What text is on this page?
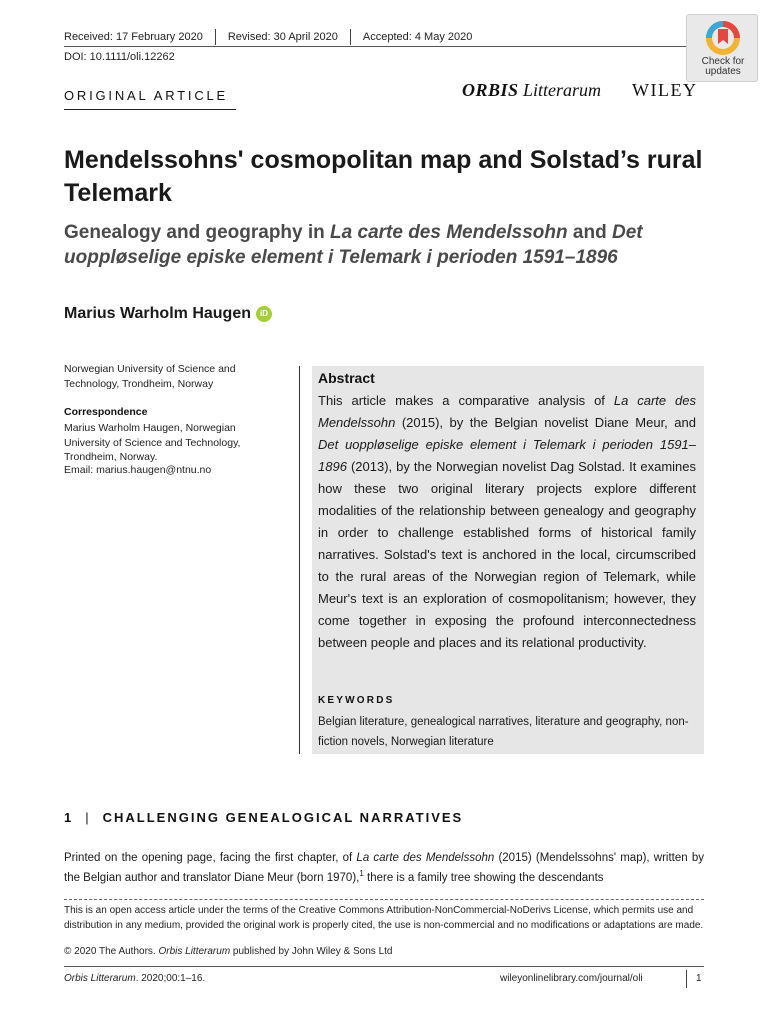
Received: 17 February 2020 Revised: 30 April 2020 Accepted: 4 May 2020
DOI: 10.1111/oli.12262	Check for
updates
ORIGINAL ARTICLE	ORBIS Litterarum WILEY
Mendelssohns' cosmopolitan map and Solstad’s rural Telemark
Genealogy and geography in La carte des Mendelssohn and Det uoppløselige episke element i Telemark i perioden 1591–1896
Marius Warholm Haugen	iD
Norwegian University of Science and Technology, Trondheim, Norway
Correspondence
Marius Warholm Haugen, Norwegian University of Science and Technology, Trondheim, Norway.
Email: marius.haugen@ntnu.no
Abstract
This article makes a comparative analysis of La carte des Mendelssohn (2015), by the Belgian novelist Diane Meur, and Det uoppløselige episke element i Telemark i perioden 1591–1896 (2013), by the Norwegian novelist Dag Solstad. It examines how these two original literary projects explore different modalities of the relationship between genealogy and geography in order to challenge established forms of historical family narratives. Solstad's text is anchored in the local, circumscribed to the rural areas of the Norwegian region of Telemark, while Meur's text is an exploration of cosmopolitanism; however, they come together in exposing the profound interconnectedness between people and places and its relational productivity.
KEYWORDS
Belgian literature, genealogical narratives, literature and geography, non-fiction novels, Norwegian literature
1 | CHALLENGING GENEALOGICAL NARRATIVES
Printed on the opening page, facing the first chapter, of La carte des Mendelssohn (2015) (Mendelssohns' map), written by the Belgian author and translator Diane Meur (born 1970),$^1$ there is a family tree showing the descendants
This is an open access article under the terms of the Creative Commons Attribution-NonCommercial-NoDerivs License, which permits use and distribution in any medium, provided the original work is properly cited, the use is non-commercial and no modifications or adaptations are made.
© 2020 The Authors. Orbis Litterarum published by John Wiley & Sons Ltd
Orbis Litterarum. 2020;00:1–16.	wileyonlinelibrary.com/journal/oli	1
